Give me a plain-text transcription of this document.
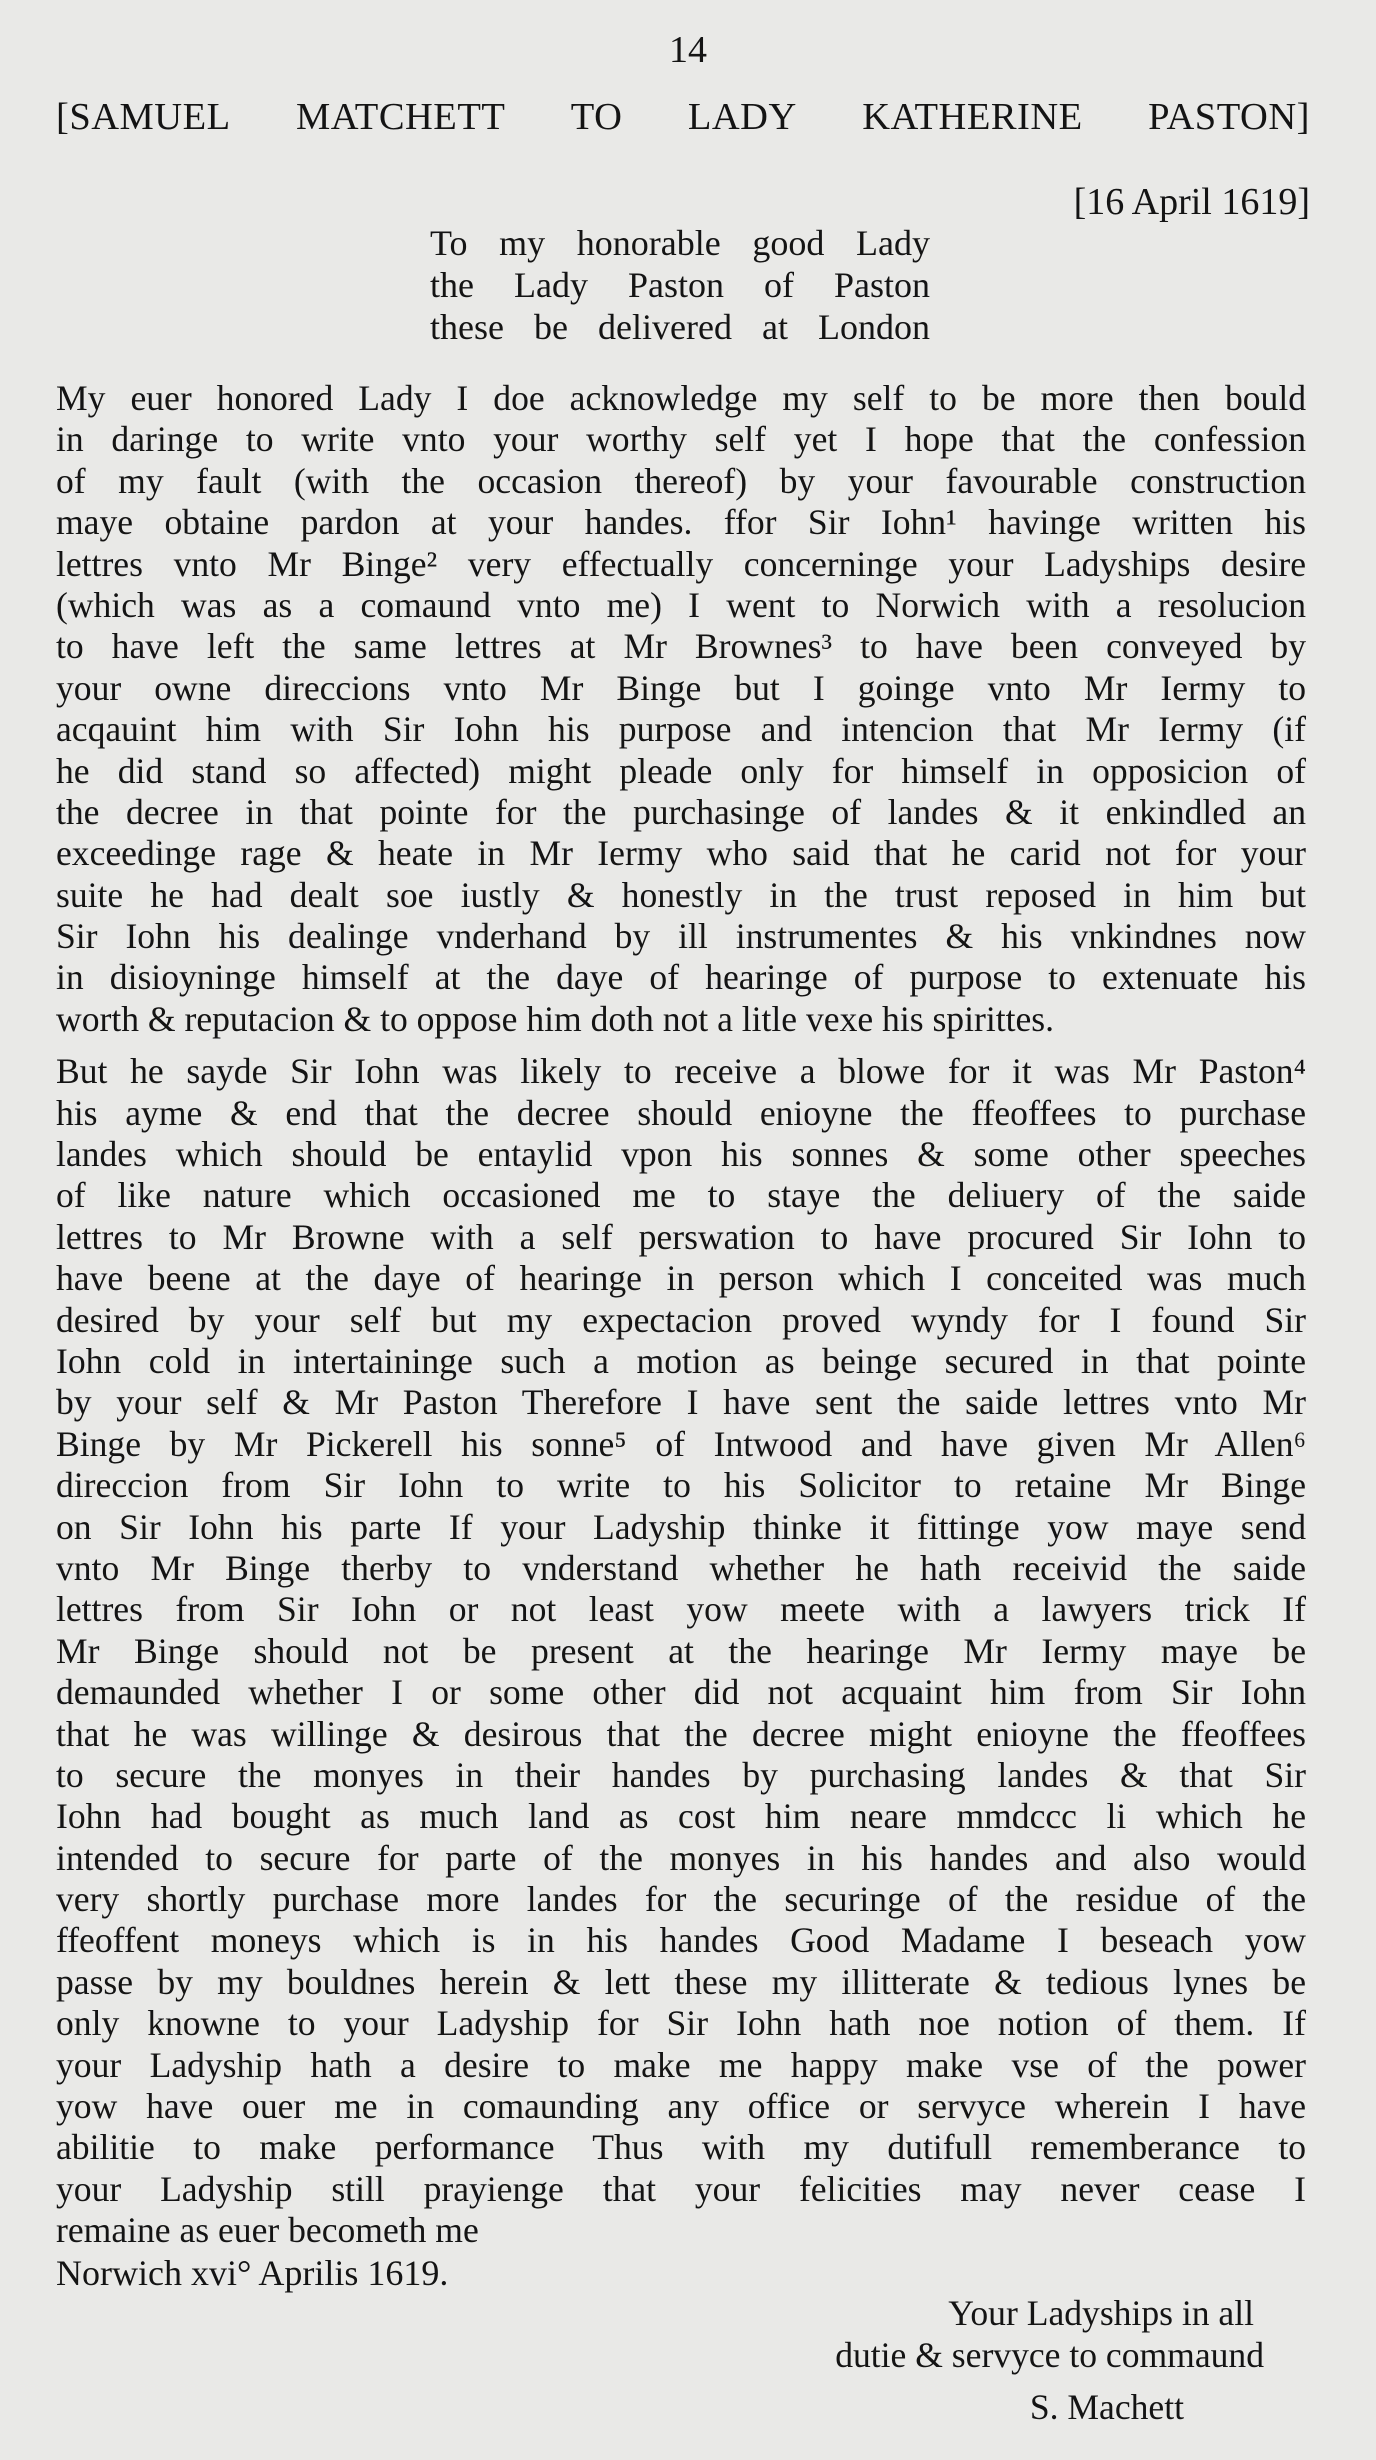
14
[SAMUEL MATCHETT TO LADY KATHERINE PASTON]
[16 April 1619]
To my honorable good Lady
the Lady Paston of Paston
these be delivered at London
My euer honored Lady I doe acknowledge my self to be more then bould
in daringe to write vnto your worthy self yet I hope that the confession
of my fault (with the occasion thereof) by your favourable construction
maye obtaine pardon at your handes. ffor Sir Iohn¹ havinge written his
lettres vnto Mr Binge² very effectually concerninge your Ladyships desire
(which was as a comaund vnto me) I went to Norwich with a resolucion
to have left the same lettres at Mr Brownes³ to have been conveyed by
your owne direccions vnto Mr Binge but I goinge vnto Mr Iermy to
acqauint him with Sir Iohn his purpose and intencion that Mr Iermy (if
he did stand so affected) might pleade only for himself in opposicion of
the decree in that pointe for the purchasinge of landes & it enkindled an
exceedinge rage & heate in Mr Iermy who said that he carid not for your
suite he had dealt soe iustly & honestly in the trust reposed in him but
Sir Iohn his dealinge vnderhand by ill instrumentes & his vnkindnes now
in disioyninge himself at the daye of hearinge of purpose to extenuate his
worth & reputacion & to oppose him doth not a litle vexe his spirittes.
But he sayde Sir Iohn was likely to receive a blowe for it was Mr Paston⁴
his ayme & end that the decree should enioyne the ffeoffees to purchase
landes which should be entaylid vpon his sonnes & some other speeches
of like nature which occasioned me to staye the deliuery of the saide
lettres to Mr Browne with a self perswation to have procured Sir Iohn to
have beene at the daye of hearinge in person which I conceited was much
desired by your self but my expectacion proved wyndy for I found Sir
Iohn cold in intertaininge such a motion as beinge secured in that pointe
by your self & Mr Paston Therefore I have sent the saide lettres vnto Mr
Binge by Mr Pickerell his sonne⁵ of Intwood and have given Mr Allen⁶
direccion from Sir Iohn to write to his Solicitor to retaine Mr Binge
on Sir Iohn his parte If your Ladyship thinke it fittinge yow maye send
vnto Mr Binge therby to vnderstand whether he hath receivid the saide
lettres from Sir Iohn or not least yow meete with a lawyers trick If
Mr Binge should not be present at the hearinge Mr Iermy maye be
demaunded whether I or some other did not acquaint him from Sir Iohn
that he was willinge & desirous that the decree might enioyne the ffeoffees
to secure the monyes in their handes by purchasing landes & that Sir
Iohn had bought as much land as cost him neare mmdccc li which he
intended to secure for parte of the monyes in his handes and also would
very shortly purchase more landes for the securinge of the residue of the
ffeoffent moneys which is in his handes Good Madame I beseach yow
passe by my bouldnes herein & lett these my illitterate & tedious lynes be
only knowne to your Ladyship for Sir Iohn hath noe notion of them. If
your Ladyship hath a desire to make me happy make vse of the power
yow have ouer me in comaunding any office or servyce wherein I have
abilitie to make performance Thus with my dutifull rememberance to
your Ladyship still prayienge that your felicities may never cease I
remaine as euer becometh me
Norwich xvi° Aprilis 1619.
Your Ladyships in all
dutie & servyce to commaund
S. Machett
